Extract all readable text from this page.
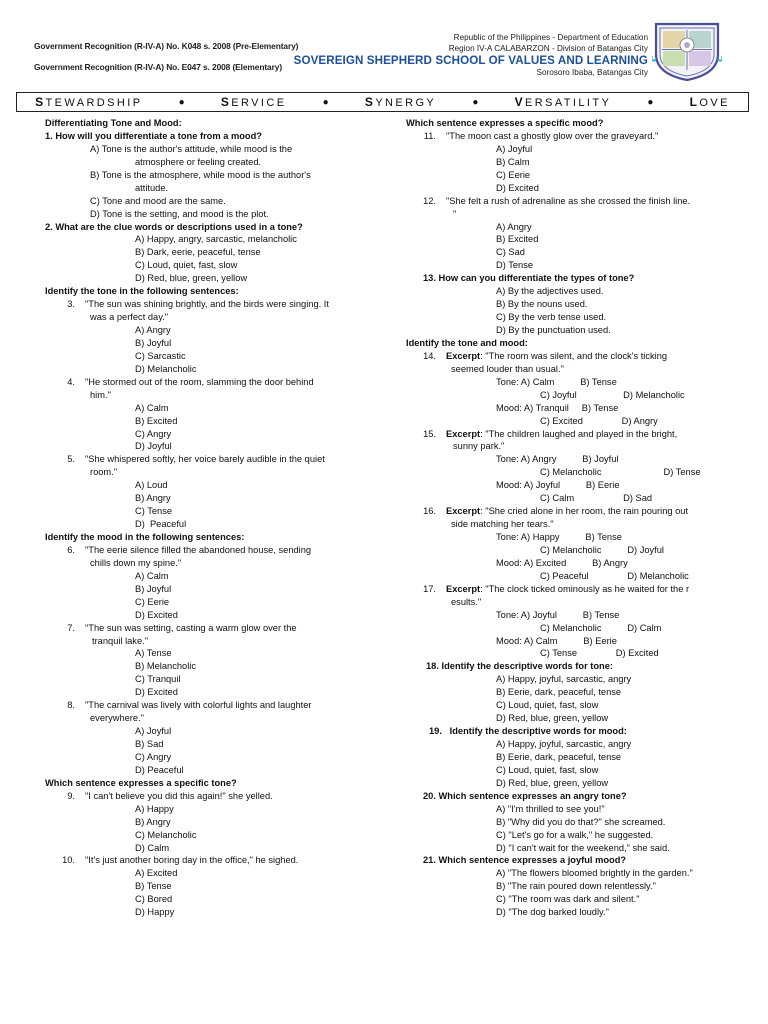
Government Recognition (R-IV-A) No. K048 s. 2008 (Pre-Elementary)
Government Recognition (R-IV-A) No. E047 s. 2008 (Elementary)
Republic of the Philippines - Department of Education
Region IV-A CALABARZON - Division of Batangas City
SOVEREIGN SHEPHERD SCHOOL OF VALUES AND LEARNING
Sorosoro Ibaba, Batangas City
STEWARDSHIP	●	SERVICE	●	SYNERGY	●	VERSATILITY	●	LOVE
Differentiating Tone and Mood:
1. How will you differentiate a tone from a mood?
A) Tone is the author's attitude, while mood is the
atmosphere or feeling created.
B) Tone is the atmosphere, while mood is the author's
attitude.
C) Tone and mood are the same.
D) Tone is the setting, and mood is the plot.
2. What are the clue words or descriptions used in a tone?
A) Happy, angry, sarcastic, melancholic
B) Dark, eerie, peaceful, tense
C) Loud, quiet, fast, slow
D) Red, blue, green, yellow
Identify the tone in the following sentences:
3. "The sun was shining brightly, and the birds were singing. It
was a perfect day."
A) Angry
B) Joyful
C) Sarcastic
D) Melancholic
4. "He stormed out of the room, slamming the door behind
him."
A) Calm
B) Excited
C) Angry
D) Joyful
5. "She whispered softly, her voice barely audible in the quiet
room."
A) Loud
B) Angry
C) Tense
D)  Peaceful
Identify the mood in the following sentences:
6. "The eerie silence filled the abandoned house, sending
chills down my spine."
A) Calm
B) Joyful
C) Eerie
D) Excited
7. "The sun was setting, casting a warm glow over the
tranquil lake."
A) Tense
B) Melancholic
C) Tranquil
D) Excited
8. "The carnival was lively with colorful lights and laughter
everywhere."
A) Joyful
B) Sad
C) Angry
D) Peaceful
Which sentence expresses a specific tone?
9. "I can't believe you did this again!" she yelled.
A) Happy
B) Angry
C) Melancholic
D) Calm
10. "It's just another boring day in the office," he sighed.
A) Excited
B) Tense
C) Bored
D) Happy
Which sentence expresses a specific mood?
11. "The moon cast a ghostly glow over the graveyard."
A) Joyful
B) Calm
C) Eerie
D) Excited
12. "She felt a rush of adrenaline as she crossed the finish line.
"
A) Angry
B) Excited
C) Sad
D) Tense
13. How can you differentiate the types of tone?
A) By the adjectives used.
B) By the nouns used.
C) By the verb tense used.
D) By the punctuation used.
Identify the tone and mood:
14. Excerpt: "The room was silent, and the clock's ticking
seemed louder than usual."
Tone: A) Calm          B) Tense
C) Joyful                  D) Melancholic
Mood: A) Tranquil     B) Tense
C) Excited               D) Angry
15. Excerpt: "The children laughed and played in the bright,
sunny park."
Tone: A) Angry          B) Joyful
C) Melancholic                        D) Tense
Mood: A) Joyful          B) Eerie
C) Calm                   D) Sad
16. Excerpt: "She cried alone in her room, the rain pouring out
side matching her tears."
Tone: A) Happy          B) Tense
C) Melancholic          D) Joyful
Mood: A) Excited          B) Angry
C) Peaceful               D) Melancholic
17. Excerpt: "The clock ticked ominously as he waited for the r
esults."
Tone: A) Joyful          B) Tense
C) Melancholic          D) Calm
Mood: A) Calm          B) Eerie
C) Tense               D) Excited
18. Identify the descriptive words for tone:
A) Happy, joyful, sarcastic, angry
B) Eerie, dark, peaceful, tense
C) Loud, quiet, fast, slow
D) Red, blue, green, yellow
19.   Identify the descriptive words for mood:
A) Happy, joyful, sarcastic, angry
B) Eerie, dark, peaceful, tense
C) Loud, quiet, fast, slow
D) Red, blue, green, yellow
20. Which sentence expresses an angry tone?
A) "I'm thrilled to see you!"
B) "Why did you do that?" she screamed.
C) "Let's go for a walk," he suggested.
D) "I can't wait for the weekend," she said.
21. Which sentence expresses a joyful mood?
A) "The flowers bloomed brightly in the garden."
B) "The rain poured down relentlessly."
C) "The room was dark and silent."
D) "The dog barked loudly."
